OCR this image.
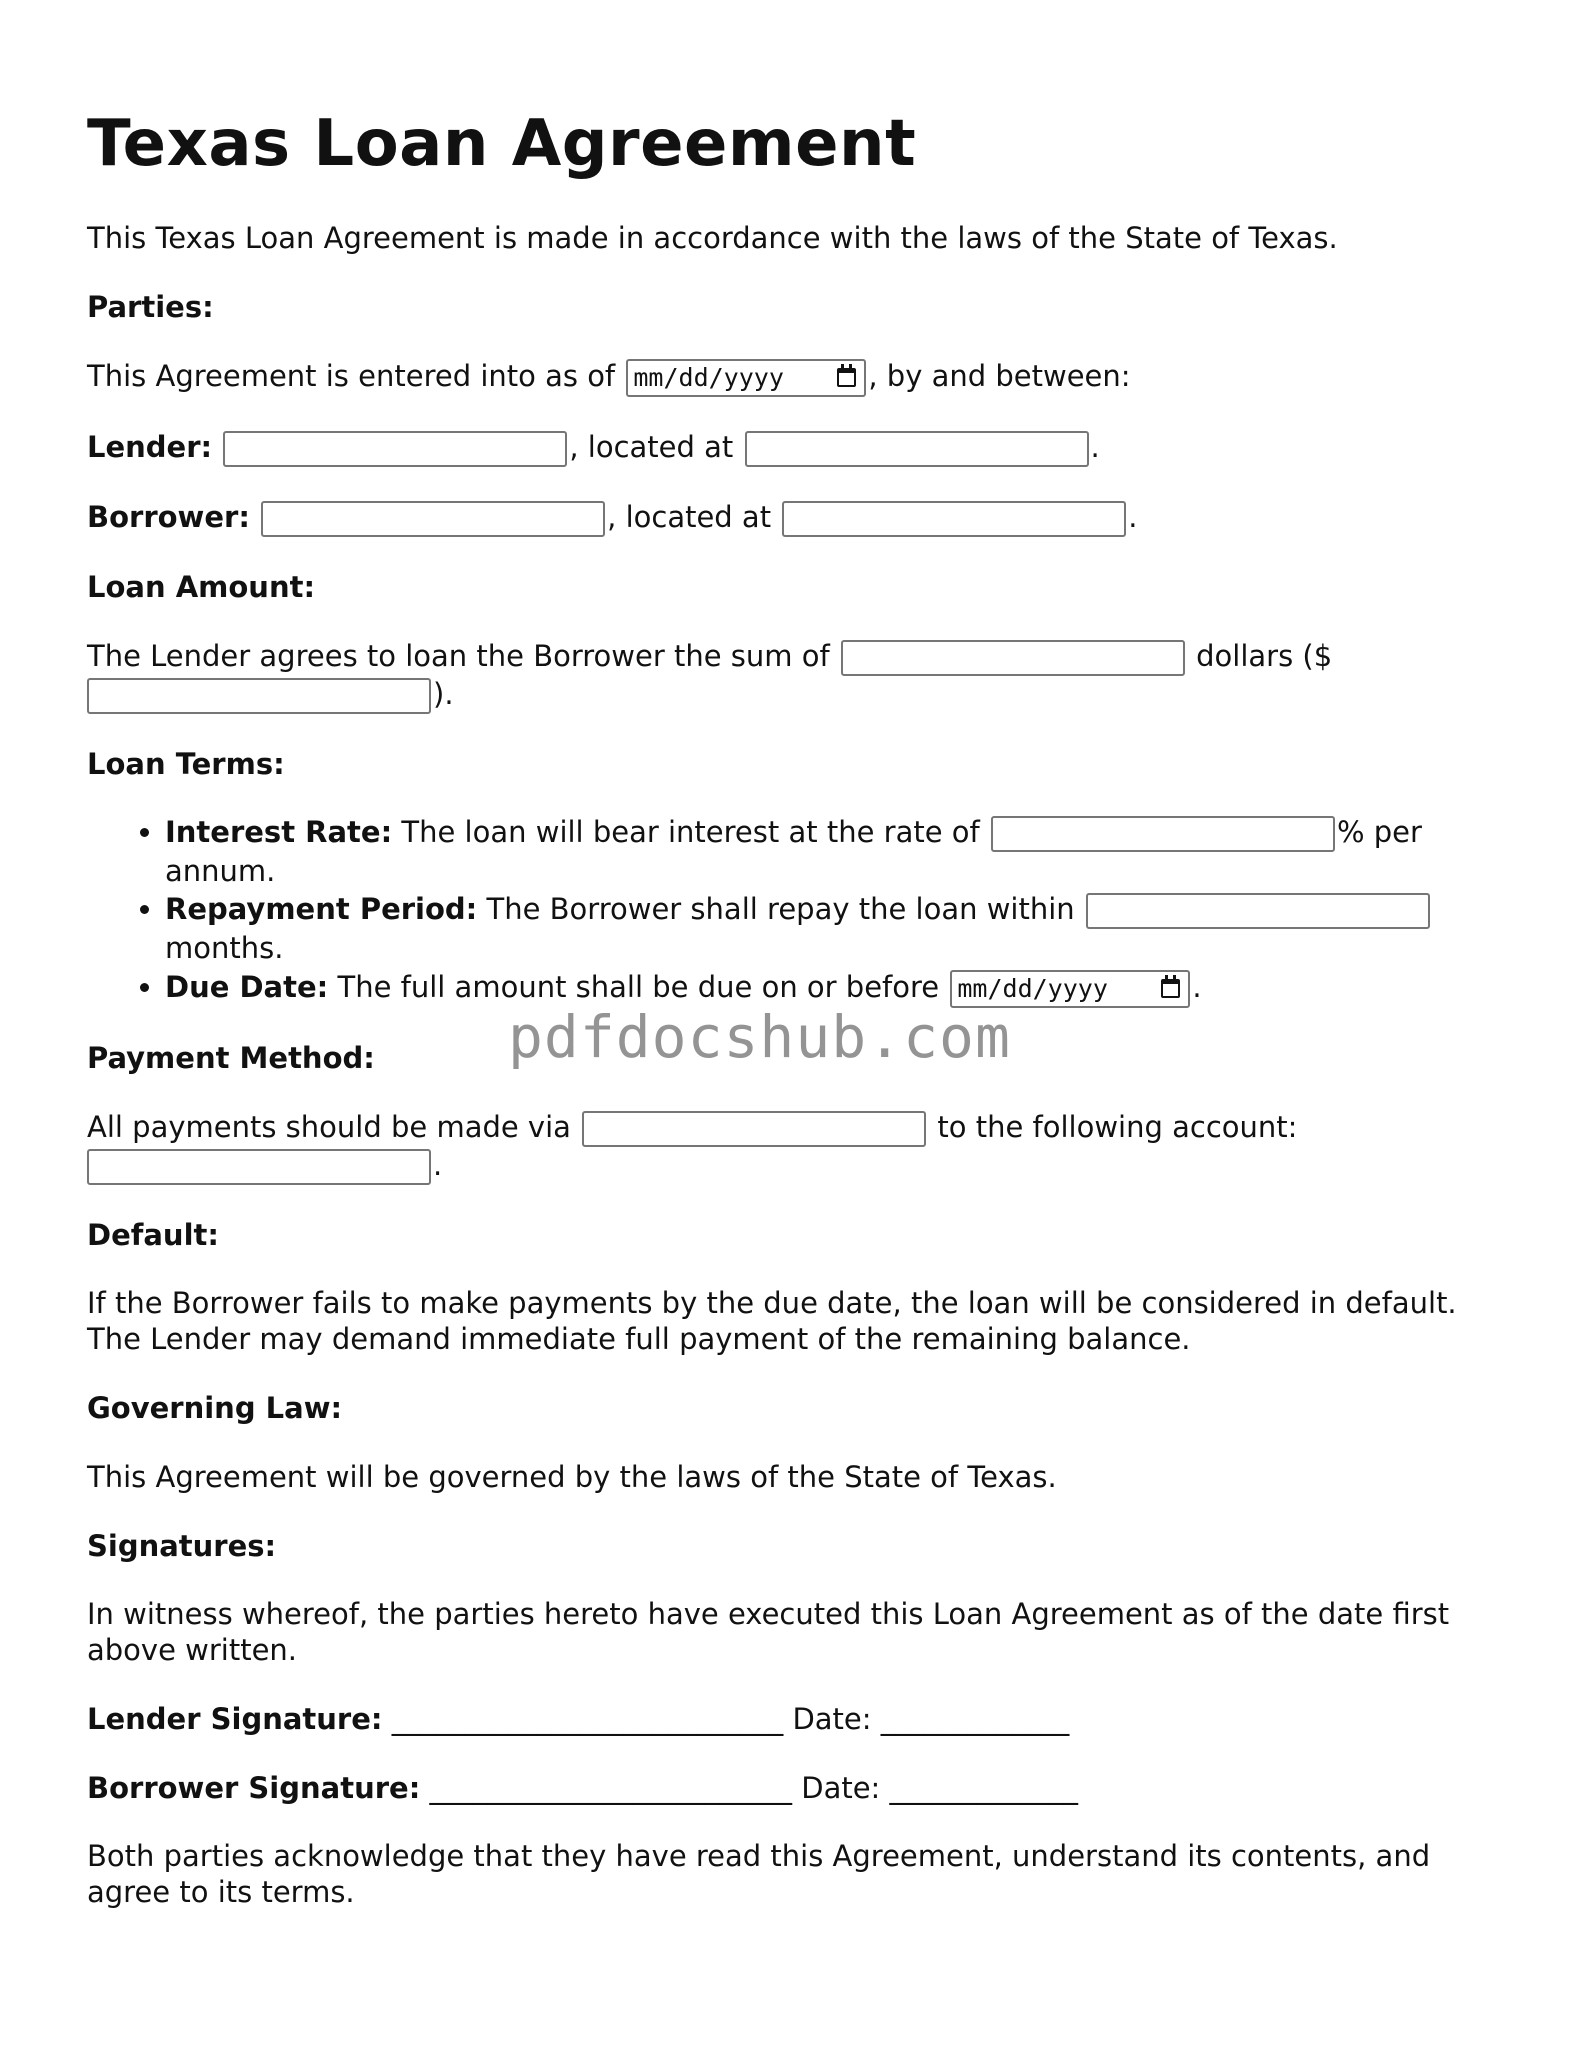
Texas Loan Agreement

This Texas Loan Agreement is made in accordance with the laws of the State of Texas.

Parties:

This Agreement is entered into as of mm/dd/yyyy	, by and between:

Lender:	, located at	.

Borrower:	, located at	.

Loan Amount:

The Lender agrees to loan the Borrower the sum of	dollars ($ ).

Loan Terms:

• Interest Rate: The loan will bear interest at the rate of	% per annum.
• Repayment Period: The Borrower shall repay the loan within  months.
• Due Date: The full amount shall be due on or before mm/dd/yyyy	.

Payment Method:

All payments should be made via	to the following account: .

Default:

If the Borrower fails to make payments by the due date, the loan will be considered in default. The Lender may demand immediate full payment of the remaining balance.

Governing Law:

This Agreement will be governed by the laws of the State of Texas.

Signatures:

In witness whereof, the parties hereto have executed this Loan Agreement as of the date first above written.

Lender Signature: ___________________________ Date: _____________

Borrower Signature: _________________________ Date: _____________

Both parties acknowledge that they have read this Agreement, understand its contents, and agree to its terms.

pdfdocshub.com
